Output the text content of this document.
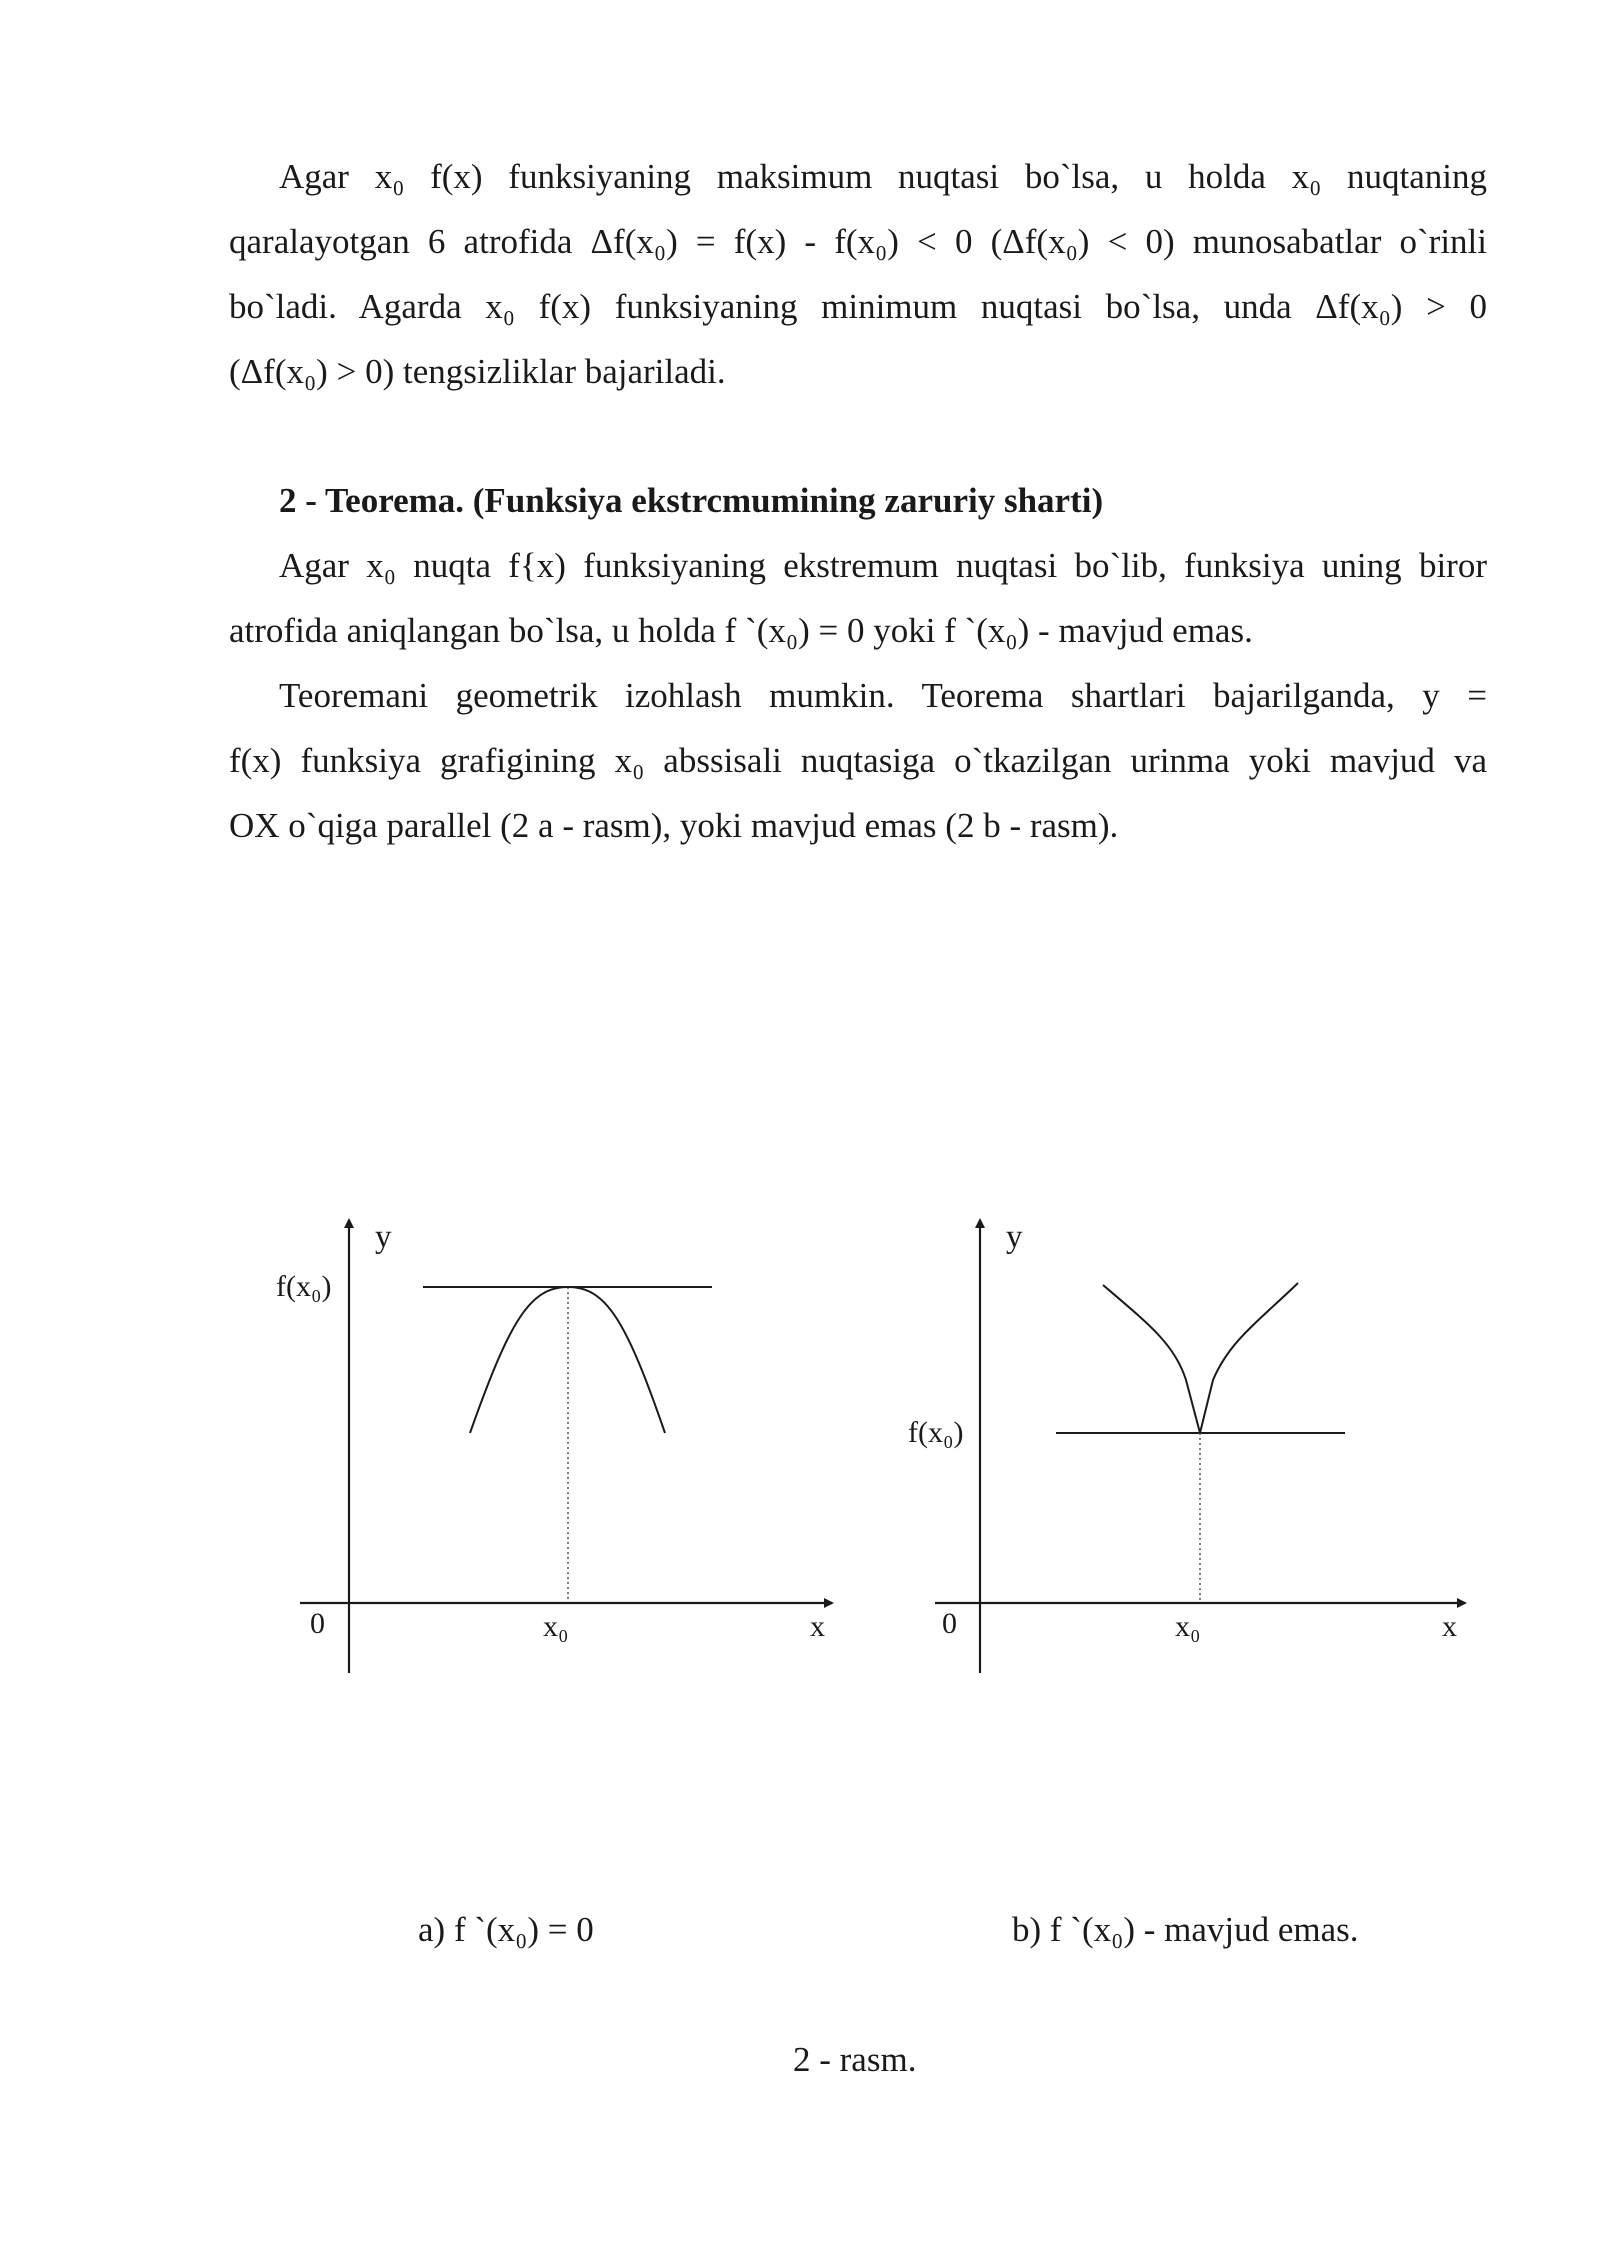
Agar x₀ f(x) funksiyaning maksimum nuqtasi bo`lsa, u holda x₀ nuqtaning
qaralayotgan 6 atrofida Δf(x₀) = f(x) - f(x₀) < 0 (Δf(x₀) < 0) munosabatlar o`rinli
bo`ladi. Agarda x₀ f(x) funksiyaning minimum nuqtasi bo`lsa, unda Δf(x₀) > 0
(Δf(x₀) > 0) tengsizliklar bajariladi.
2 - Teorema. (Funksiya ekstrcmumining zaruriy sharti)
Agar x₀ nuqta f{x) funksiyaning ekstremum nuqtasi bo`lib, funksiya uning biror
atrofida aniqlangan bo`lsa, u holda f `(x₀) = 0 yoki f `(x₀) - mavjud emas.
Teoremani geometrik izohlash mumkin. Teorema shartlari bajarilganda, y =
f(x) funksiya grafigining x₀ abssisali nuqtasiga o`tkazilgan urinma yoki mavjud va
OX o`qiga parallel (2 a - rasm), yoki mavjud emas (2 b - rasm).
y
f(x₀)
0	x₀	x
y
f(x₀)
0	x₀	x
a) f `(x₀) = 0	b) f `(x₀) - mavjud emas.
2 - rasm.
